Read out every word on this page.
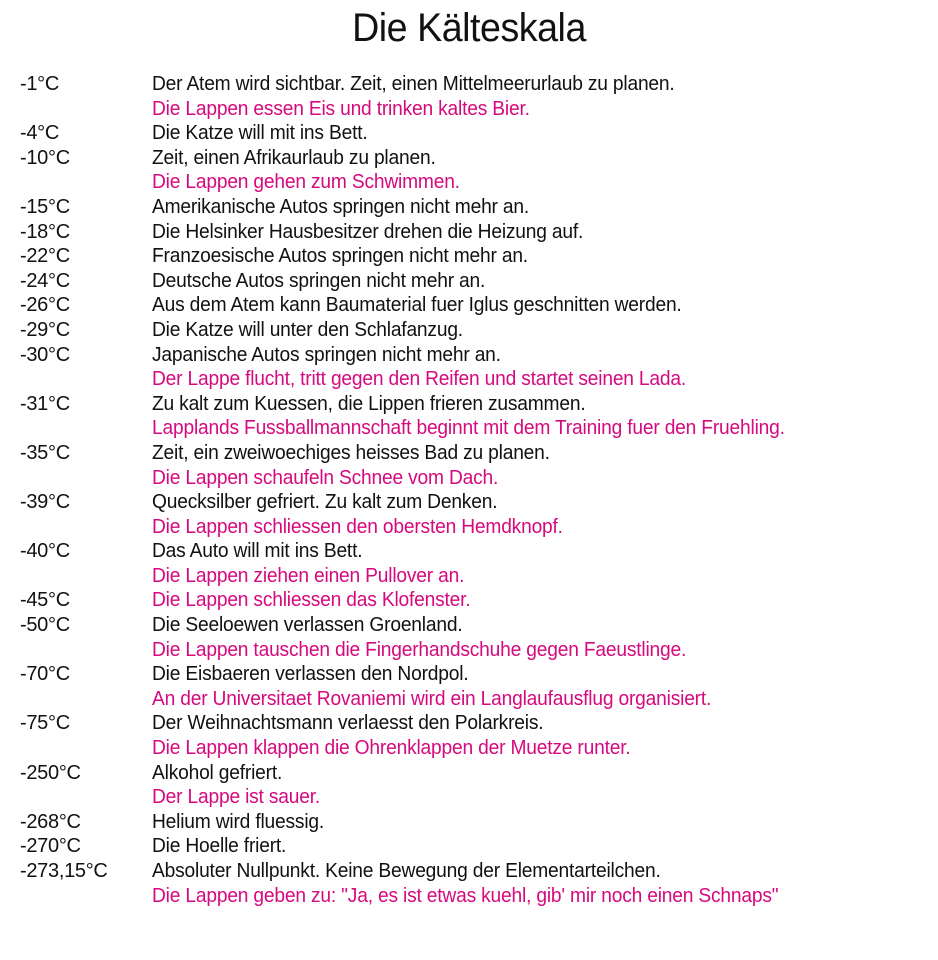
Die Kälteskala
-1°C	Der Atem wird sichtbar. Zeit, einen Mittelmeerurlaub zu planen.
Die Lappen essen Eis und trinken kaltes Bier.
-4°C	Die Katze will mit ins Bett.
-10°C	Zeit, einen Afrikaurlaub zu planen.
Die Lappen gehen zum Schwimmen.
-15°C	Amerikanische Autos springen nicht mehr an.
-18°C	Die Helsinker Hausbesitzer drehen die Heizung auf.
-22°C	Franzoesische Autos springen nicht mehr an.
-24°C	Deutsche Autos springen nicht mehr an.
-26°C	Aus dem Atem kann Baumaterial fuer Iglus geschnitten werden.
-29°C	Die Katze will unter den Schlafanzug.
-30°C	Japanische Autos springen nicht mehr an.
Der Lappe flucht, tritt gegen den Reifen und startet seinen Lada.
-31°C	Zu kalt zum Kuessen, die Lippen frieren zusammen.
Lapplands Fussballmannschaft beginnt mit dem Training fuer den Fruehling.
-35°C	Zeit, ein zweiwoechiges heisses Bad zu planen.
Die Lappen schaufeln Schnee vom Dach.
-39°C	Quecksilber gefriert. Zu kalt zum Denken.
Die Lappen schliessen den obersten Hemdknopf.
-40°C	Das Auto will mit ins Bett.
Die Lappen ziehen einen Pullover an.
-45°C	Die Lappen schliessen das Klofenster.
-50°C	Die Seeloewen verlassen Groenland.
Die Lappen tauschen die Fingerhandschuhe gegen Faeustlinge.
-70°C	Die Eisbaeren verlassen den Nordpol.
An der Universitaet Rovaniemi wird ein Langlaufausflug organisiert.
-75°C	Der Weihnachtsmann verlaesst den Polarkreis.
Die Lappen klappen die Ohrenklappen der Muetze runter.
-250°C	Alkohol gefriert.
Der Lappe ist sauer.
-268°C	Helium wird fluessig.
-270°C	Die Hoelle friert.
-273,15°C	Absoluter Nullpunkt. Keine Bewegung der Elementarteilchen.
Die Lappen geben zu: "Ja, es ist etwas kuehl, gib' mir noch einen Schnaps"
